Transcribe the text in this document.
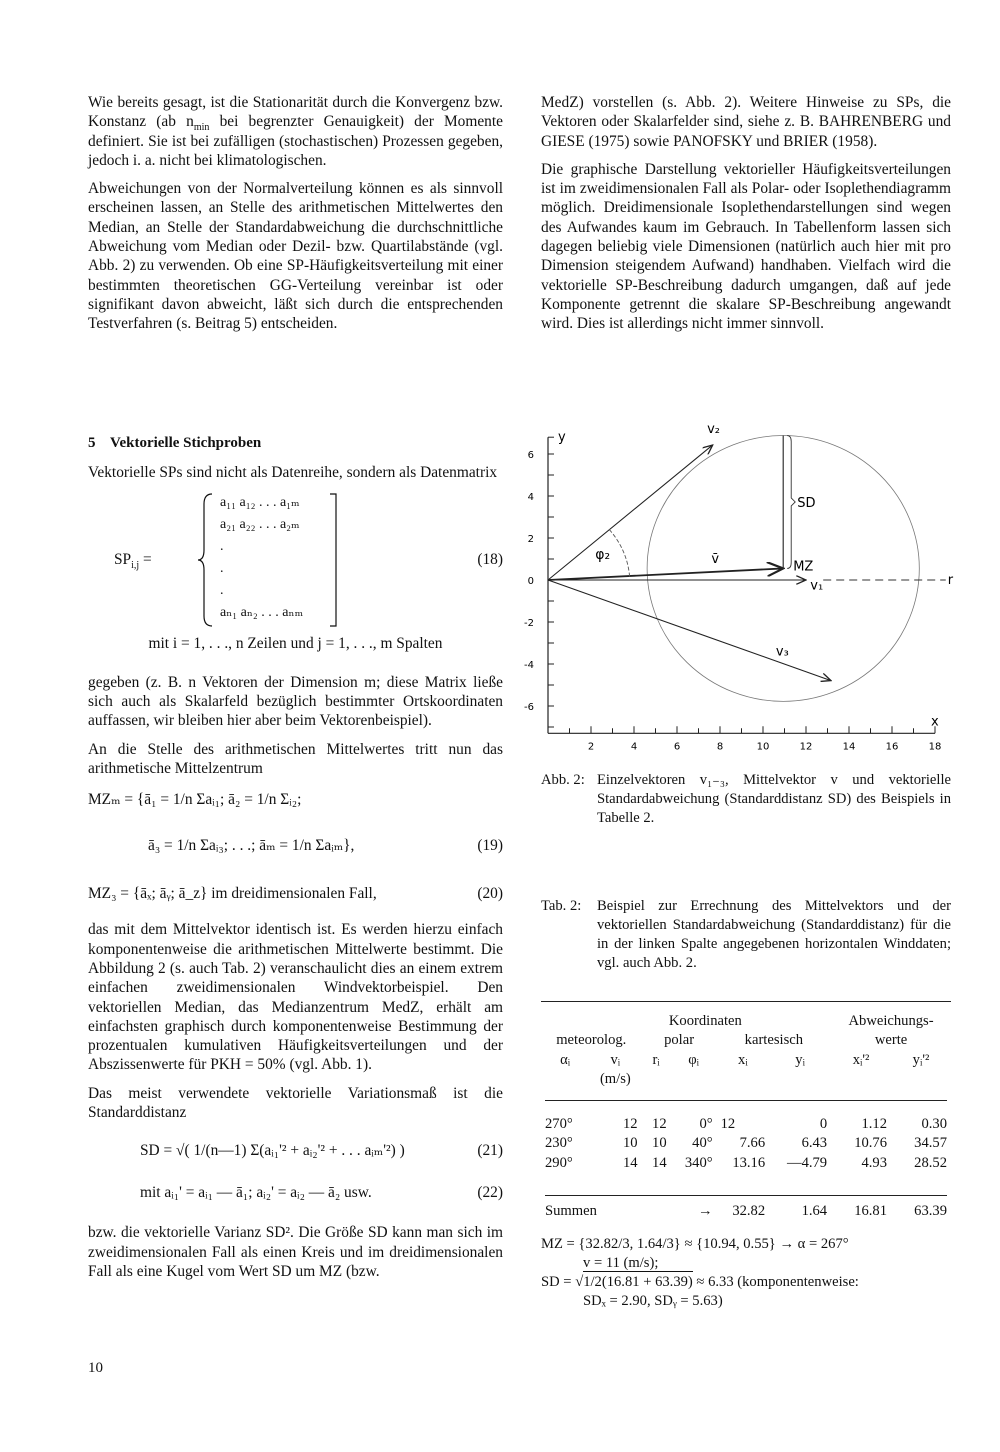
Wie bereits gesagt, ist die Stationarität durch die Konvergenz bzw. Konstanz (ab $n_{min}$ bei begrenzter Genauigkeit) der Momente definiert. Sie ist bei zufälligen (stochastischen) Prozessen gegeben, jedoch i. a. nicht bei klimatologischen.

Abweichungen von der Normalverteilung können es als sinnvoll erscheinen lassen, an Stelle des arithmetischen Mittelwertes den Median, an Stelle der Standardabweichung die durchschnittliche Abweichung vom Median oder Dezil- bzw. Quartilabstände (vgl. Abb. 2) zu verwenden. Ob eine SP-Häufigkeitsverteilung mit einer bestimmten theoretischen GG-Verteilung vereinbar ist oder signifikant davon abweicht, läßt sich durch die entsprechenden Testverfahren (s. Beitrag 5) entscheiden.

5 Vektorielle Stichproben

Vektorielle SPs sind nicht als Datenreihe, sondern als Datenmatrix

$SP_{i,j}$ =
a₁₁ a₁₂ . . . a₁ₘ
a₂₁ a₂₂ . . . a₂ₘ
.
.
.
aₙ₁ aₙ₂ . . . aₙₘ
(18)
mit i = 1, . . ., n Zeilen und j = 1, . . ., m Spalten

gegeben (z. B. n Vektoren der Dimension m; diese Matrix ließe sich auch als Skalarfeld bezüglich bestimmter Ortskoordinaten auffassen, wir bleiben hier aber beim Vektorenbeispiel).

An die Stelle des arithmetischen Mittelwertes tritt nun das arithmetische Mittelzentrum

MZₘ = {ā₁ = 1/n Σaᵢ₁; ā₂ = 1/n Σᵢ₂;
ā₃ = 1/n Σaᵢ₃; . . .; āₘ = 1/n Σaᵢₘ},	(19)
MZ₃ = {āₓ; āᵧ; ā_z} im dreidimensionalen Fall,	(20)

das mit dem Mittelvektor identisch ist. Es werden hierzu einfach komponentenweise die arithmetischen Mittelwerte bestimmt. Die Abbildung 2 (s. auch Tab. 2) veranschaulicht dies an einem extrem einfachen zweidimensionalen Windvektorbeispiel. Den vektoriellen Median, das Medianzentrum MedZ, erhält am einfachsten graphisch durch komponentenweise Bestimmung der prozentualen kumulativen Häufigkeitsverteilungen und der Abszissenwerte für PKH = 50% (vgl. Abb. 1).

Das meist verwendete vektorielle Variationsmaß ist die Standarddistanz

SD = √( 1/(n—1) Σ(aᵢ₁'² + aᵢ₂'² + . . . aᵢₘ'²) )	(21)
mit aᵢ₁' = aᵢ₁ — ā₁; aᵢ₂' = aᵢ₂ — ā₂ usw.	(22)

bzw. die vektorielle Varianz SD². Die Größe SD kann man sich im zweidimensionalen Fall als einen Kreis und im dreidimensionalen Fall als eine Kugel vom Wert SD um MZ (bzw.

10

MedZ) vorstellen (s. Abb. 2). Weitere Hinweise zu SPs, die Vektoren oder Skalarfelder sind, siehe z. B. BAHRENBERG und GIESE (1975) sowie PANOFSKY und BRIER (1958).

Die graphische Darstellung vektorieller Häufigkeitsverteilungen ist im zweidimensionalen Fall als Polar- oder Isoplethendiagramm möglich. Dreidimensionale Isoplethendarstellungen sind wegen des Aufwandes kaum im Gebrauch. In Tabellenform lassen sich dagegen beliebig viele Dimensionen (natürlich auch hier mit pro Dimension steigendem Aufwand) handhaben. Vielfach wird die vektorielle SP-Beschreibung dadurch umgangen, daß auf jede Komponente getrennt die skalare SP-Beschreibung angewandt wird. Dies ist allerdings nicht immer sinnvoll.

y
x
6
4
2
0
-2
-4
-6
2	4	6	8	10	12	14	16	18
r
v₁
v₂
v₃
v̄
SD
MZ
φ₂
Abb. 2: Einzelvektoren v₁₋₃, Mittelvektor v und vektorielle Standardabweichung (Standarddistanz SD) des Beispiels in Tabelle 2.
Tab. 2:	Beispiel zur Errechnung des Mittelvektors und der vektoriellen Standardabweichung (Standarddistanz) für die in der linken Spalte angegebenen horizontalen Winddaten; vgl. auch Abb. 2.
		Koordinaten				Abweichungs-	
meteorolog.		polar		kartesisch		werte	
αᵢ	vᵢ	rᵢ	φᵢ	xᵢ	yᵢ	xᵢ'²	yᵢ'²
	(m/s)						

270°	12	12	0°	12	0	1.12	0.30
230°	10	10	40°	7.66	6.43	10.76	34.57
290°	14	14	340°	13.16	—4.79	4.93	28.52

Summen		→		32.82	1.64	16.81	63.39
MZ = {32.82/3, 1.64/3} ≈ {10.94, 0.55} → α = 267°
v = 11 (m/s);
SD = √1/2(16.81 + 63.39) ≈ 6.33 (komponentenweise:
SDₓ = 2.90, SDᵧ = 5.63)
